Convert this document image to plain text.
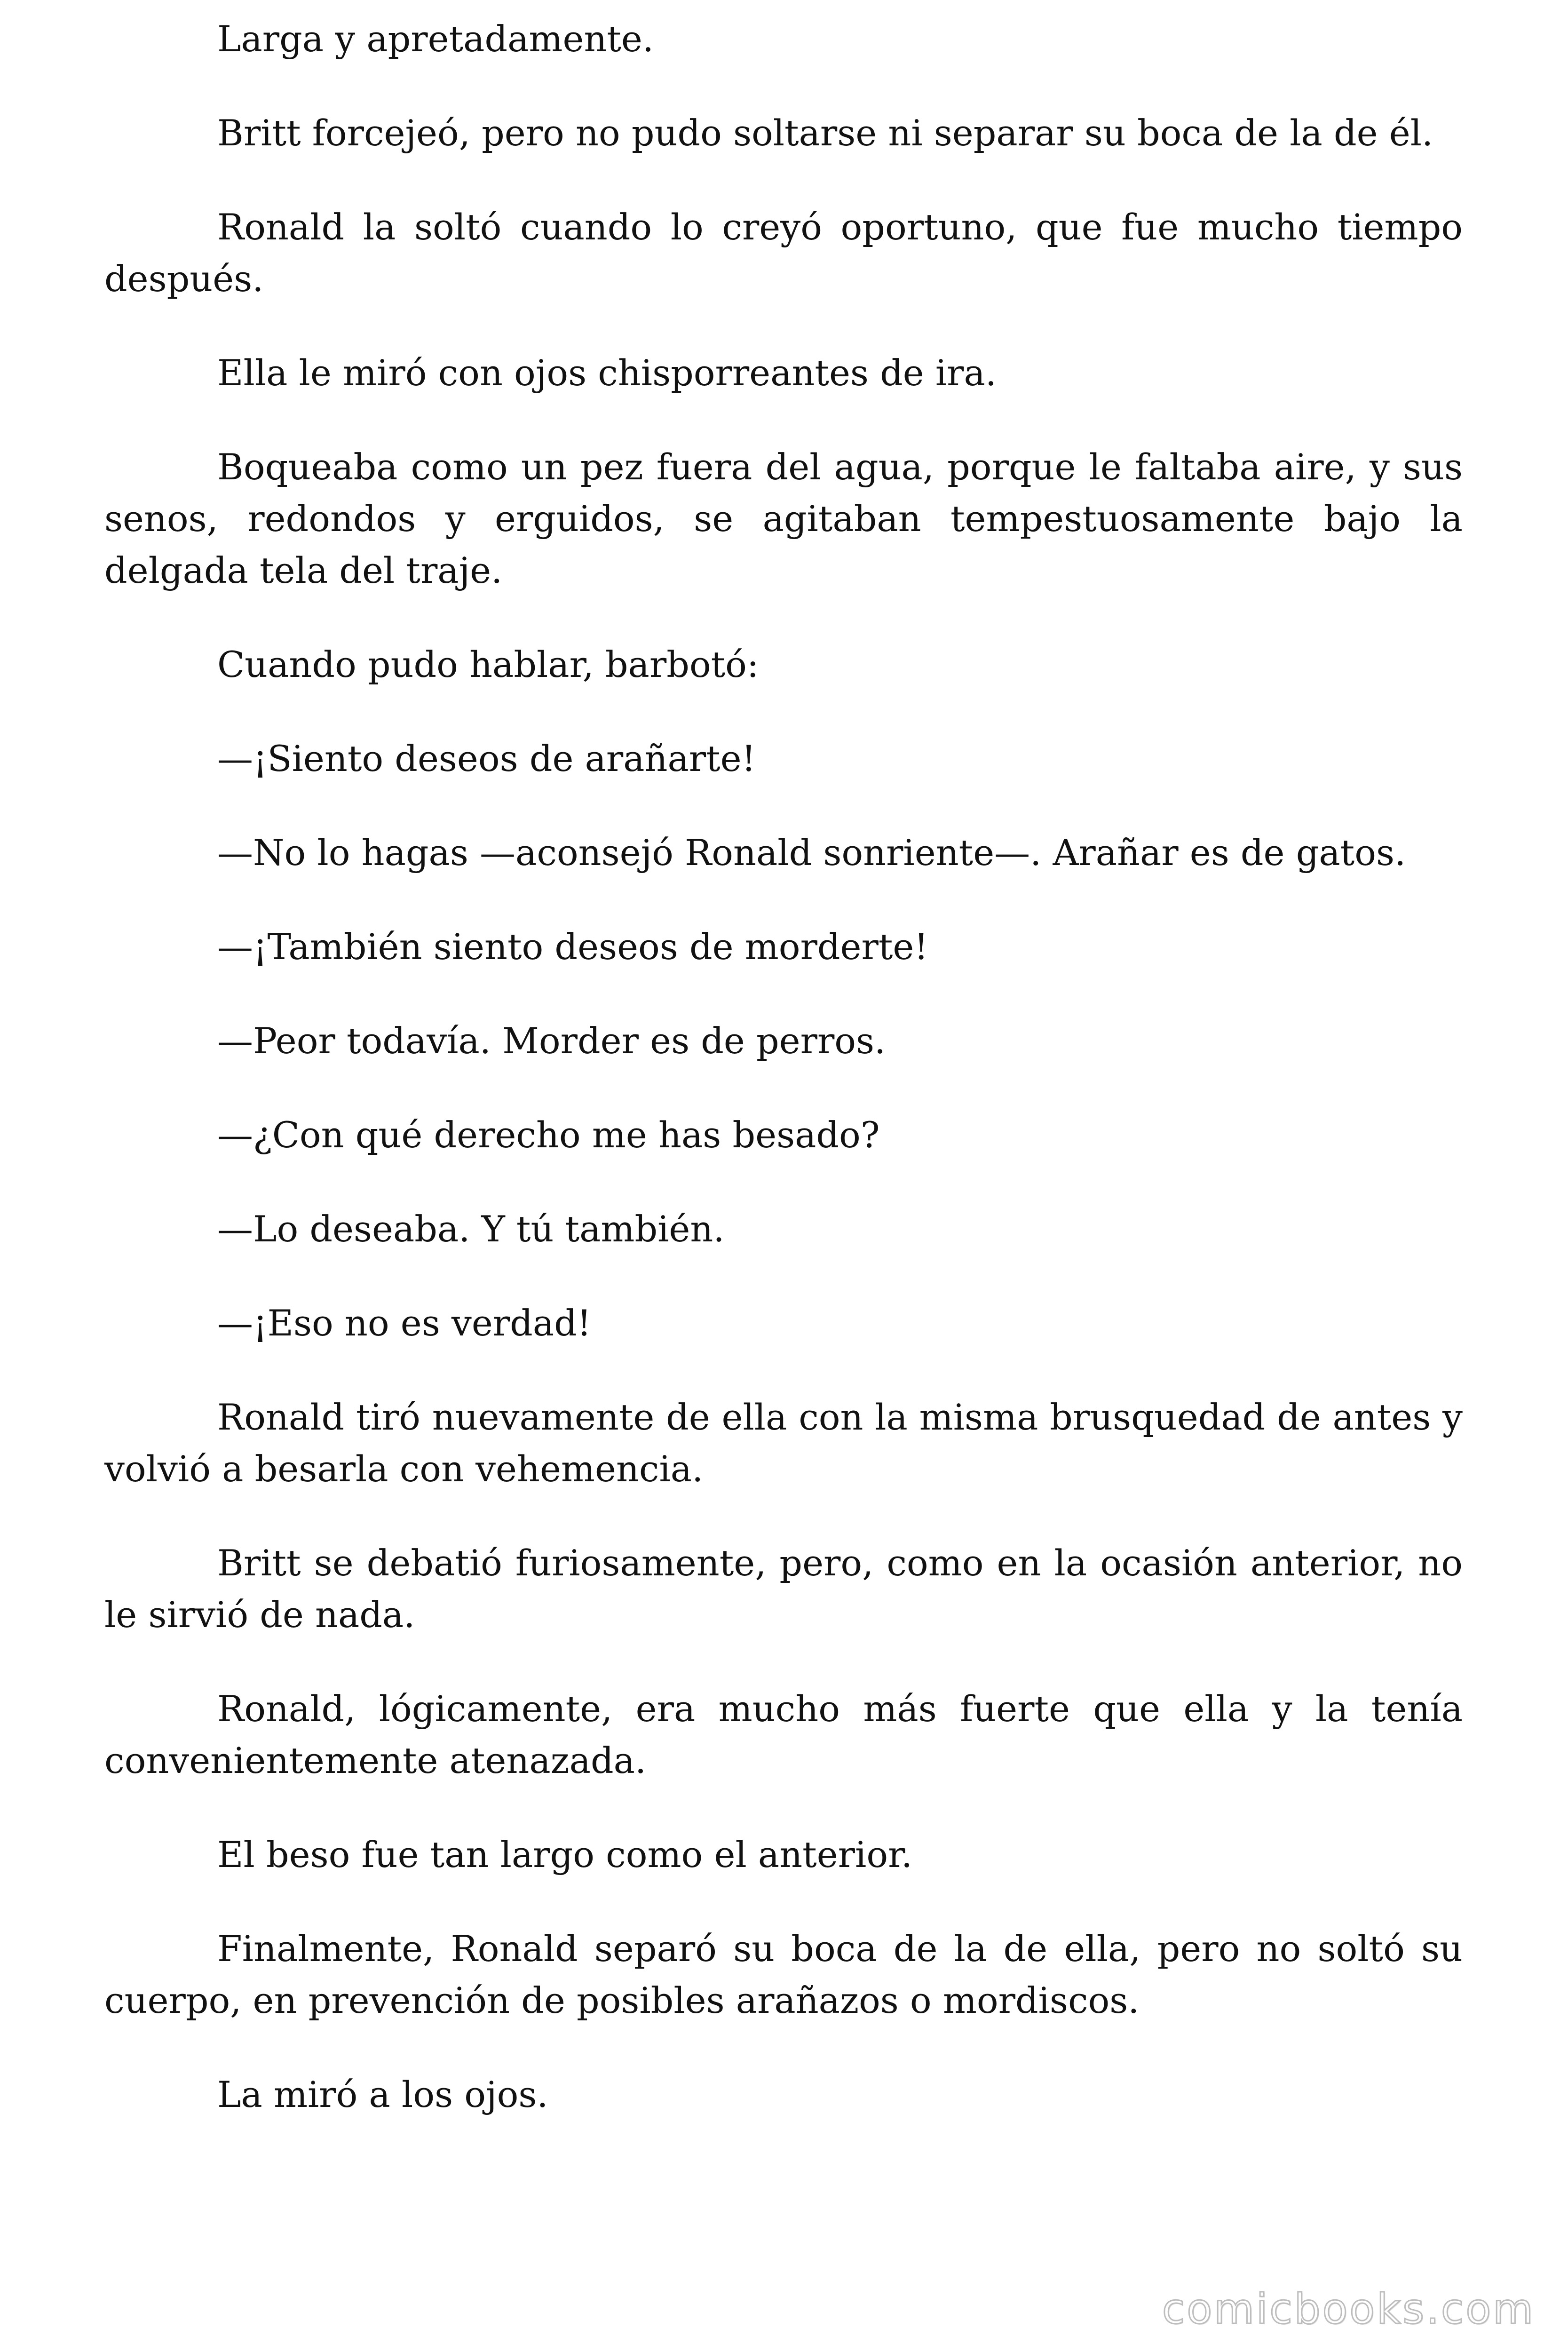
Larga y apretadamente.

Britt forcejeó, pero no pudo soltarse ni separar su boca de la de él.

Ronald la soltó cuando lo creyó oportuno, que fue mucho tiempo después.

Ella le miró con ojos chisporreantes de ira.

Boqueaba como un pez fuera del agua, porque le faltaba aire, y sus senos, redondos y erguidos, se agitaban tempestuosamente bajo la delgada tela del traje.

Cuando pudo hablar, barbotó:

—¡Siento deseos de arañarte!

—No lo hagas —aconsejó Ronald sonriente—. Arañar es de gatos.

—¡También siento deseos de morderte!

—Peor todavía. Morder es de perros.

—¿Con qué derecho me has besado?

—Lo deseaba. Y tú también.

—¡Eso no es verdad!

Ronald tiró nuevamente de ella con la misma brusquedad de antes y volvió a besarla con vehemencia.

Britt se debatió furiosamente, pero, como en la ocasión anterior, no le sirvió de nada.

Ronald, lógicamente, era mucho más fuerte que ella y la tenía convenientemente atenazada.

El beso fue tan largo como el anterior.

Finalmente, Ronald separó su boca de la de ella, pero no soltó su cuerpo, en prevención de posibles arañazos o mordiscos.

La miró a los ojos.

comicbooks.com
